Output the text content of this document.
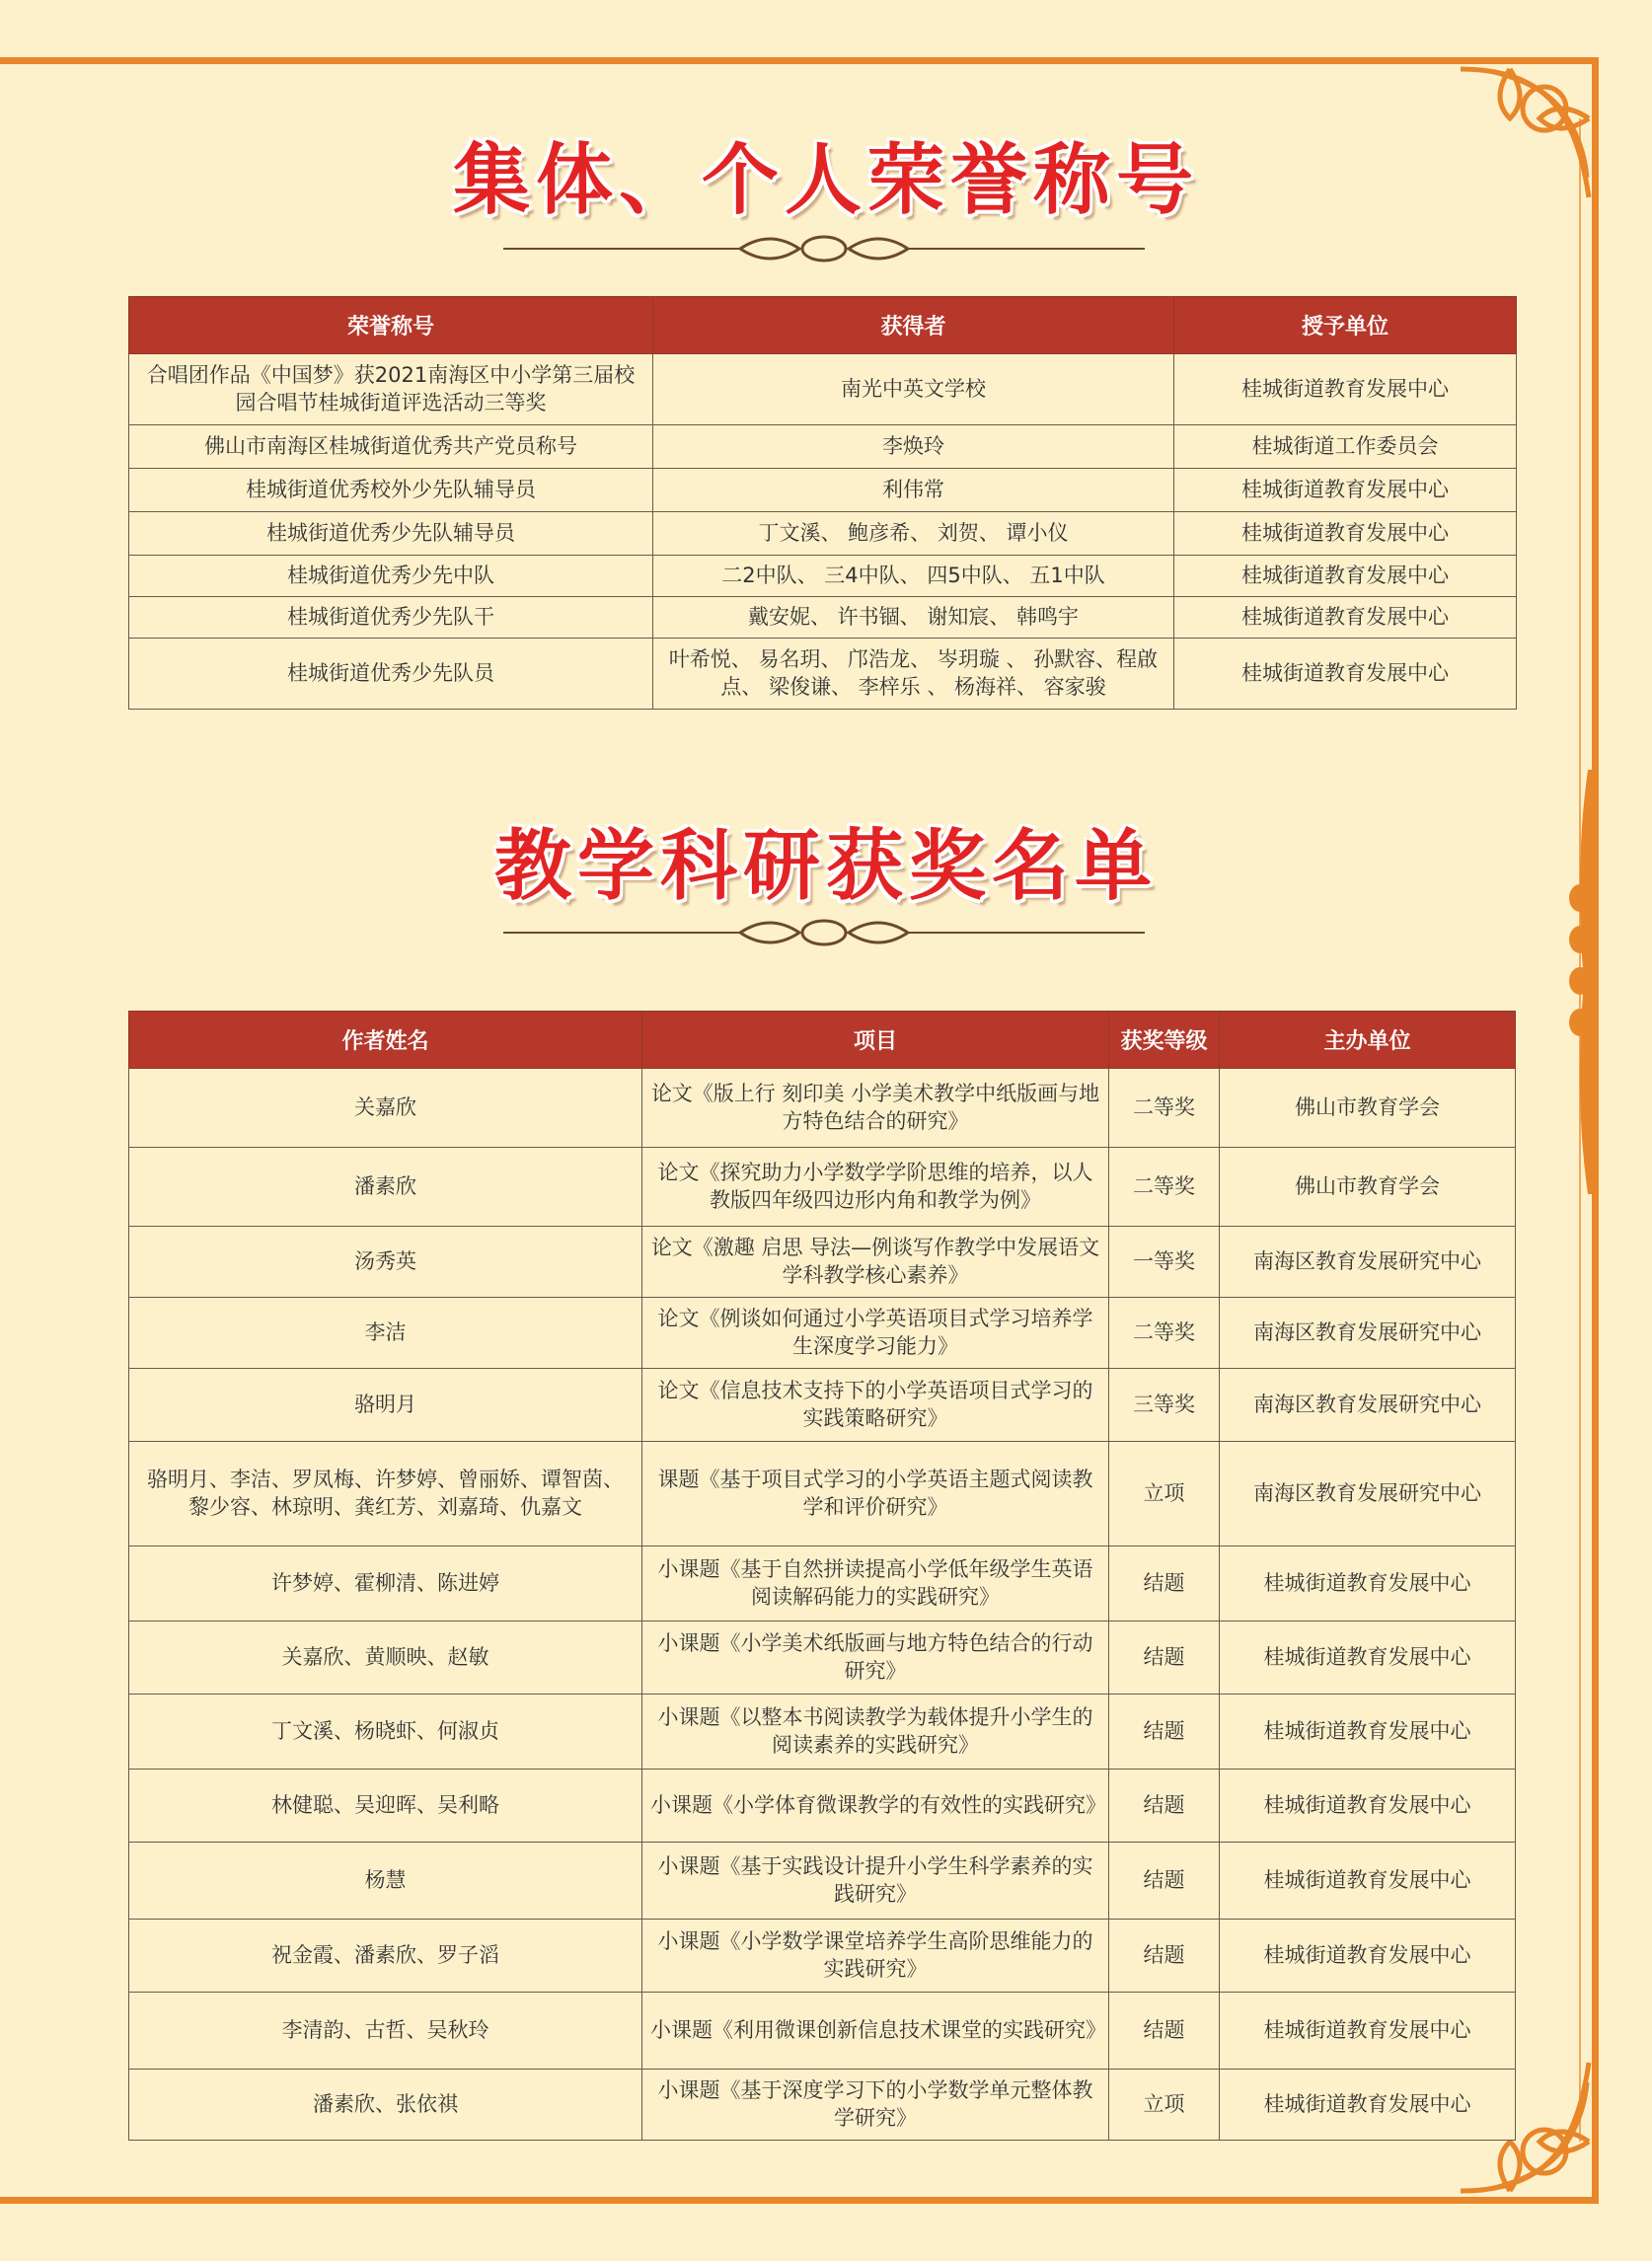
集体、个人荣誉称号
荣誉称号	获得者	授予单位
合唱团作品《中国梦》获2021南海区中小学第三届校园合唱节桂城街道评选活动三等奖	南光中英文学校	桂城街道教育发展中心
佛山市南海区桂城街道优秀共产党员称号	李焕玲	桂城街道工作委员会
桂城街道优秀校外少先队辅导员	利伟常	桂城街道教育发展中心
桂城街道优秀少先队辅导员	丁文溪、 鲍彦希、 刘贺、 谭小仪	桂城街道教育发展中心
桂城街道优秀少先中队	二2中队、 三4中队、 四5中队、 五1中队	桂城街道教育发展中心
桂城街道优秀少先队干	戴安妮、 许书锢、 谢知宸、 韩鸣宇	桂城街道教育发展中心
桂城街道优秀少先队员	叶希悦、 易名玥、 邝浩龙、 岑玥璇 、 孙默容、程啟点、 梁俊谦、 李梓乐 、 杨海祥、 容家骏	桂城街道教育发展中心
教学科研获奖名单
作者姓名	项目	获奖等级	主办单位
关嘉欣	论文《版上行 刻印美 小学美术教学中纸版画与地方特色结合的研究》	二等奖	佛山市教育学会
潘素欣	论文《探究助力小学数学学阶思维的培养，以人教版四年级四边形内角和教学为例》	二等奖	佛山市教育学会
汤秀英	论文《激趣 启思 导法—例谈写作教学中发展语文学科教学核心素养》	一等奖	南海区教育发展研究中心
李洁	论文《例谈如何通过小学英语项目式学习培养学生深度学习能力》	二等奖	南海区教育发展研究中心
骆明月	论文《信息技术支持下的小学英语项目式学习的实践策略研究》	三等奖	南海区教育发展研究中心
骆明月、李洁、罗凤梅、许梦婷、曾丽娇、谭智茵、黎少容、林琼明、龚红芳、刘嘉琦、仇嘉文	课题《基于项目式学习的小学英语主题式阅读教学和评价研究》	立项	南海区教育发展研究中心
许梦婷、霍柳清、陈进婷	小课题《基于自然拼读提高小学低年级学生英语阅读解码能力的实践研究》	结题	桂城街道教育发展中心
关嘉欣、黄顺映、赵敏	小课题《小学美术纸版画与地方特色结合的行动研究》	结题	桂城街道教育发展中心
丁文溪、杨晓虾、何淑贞	小课题《以整本书阅读教学为载体提升小学生的阅读素养的实践研究》	结题	桂城街道教育发展中心
林健聪、吴迎晖、吴利略	小课题《小学体育微课教学的有效性的实践研究》	结题	桂城街道教育发展中心
杨慧	小课题《基于实践设计提升小学生科学素养的实践研究》	结题	桂城街道教育发展中心
祝金霞、潘素欣、罗子滔	小课题《小学数学课堂培养学生高阶思维能力的实践研究》	结题	桂城街道教育发展中心
李清韵、古哲、吴秋玲	小课题《利用微课创新信息技术课堂的实践研究》	结题	桂城街道教育发展中心
潘素欣、张依祺	小课题《基于深度学习下的小学数学单元整体教学研究》	立项	桂城街道教育发展中心
